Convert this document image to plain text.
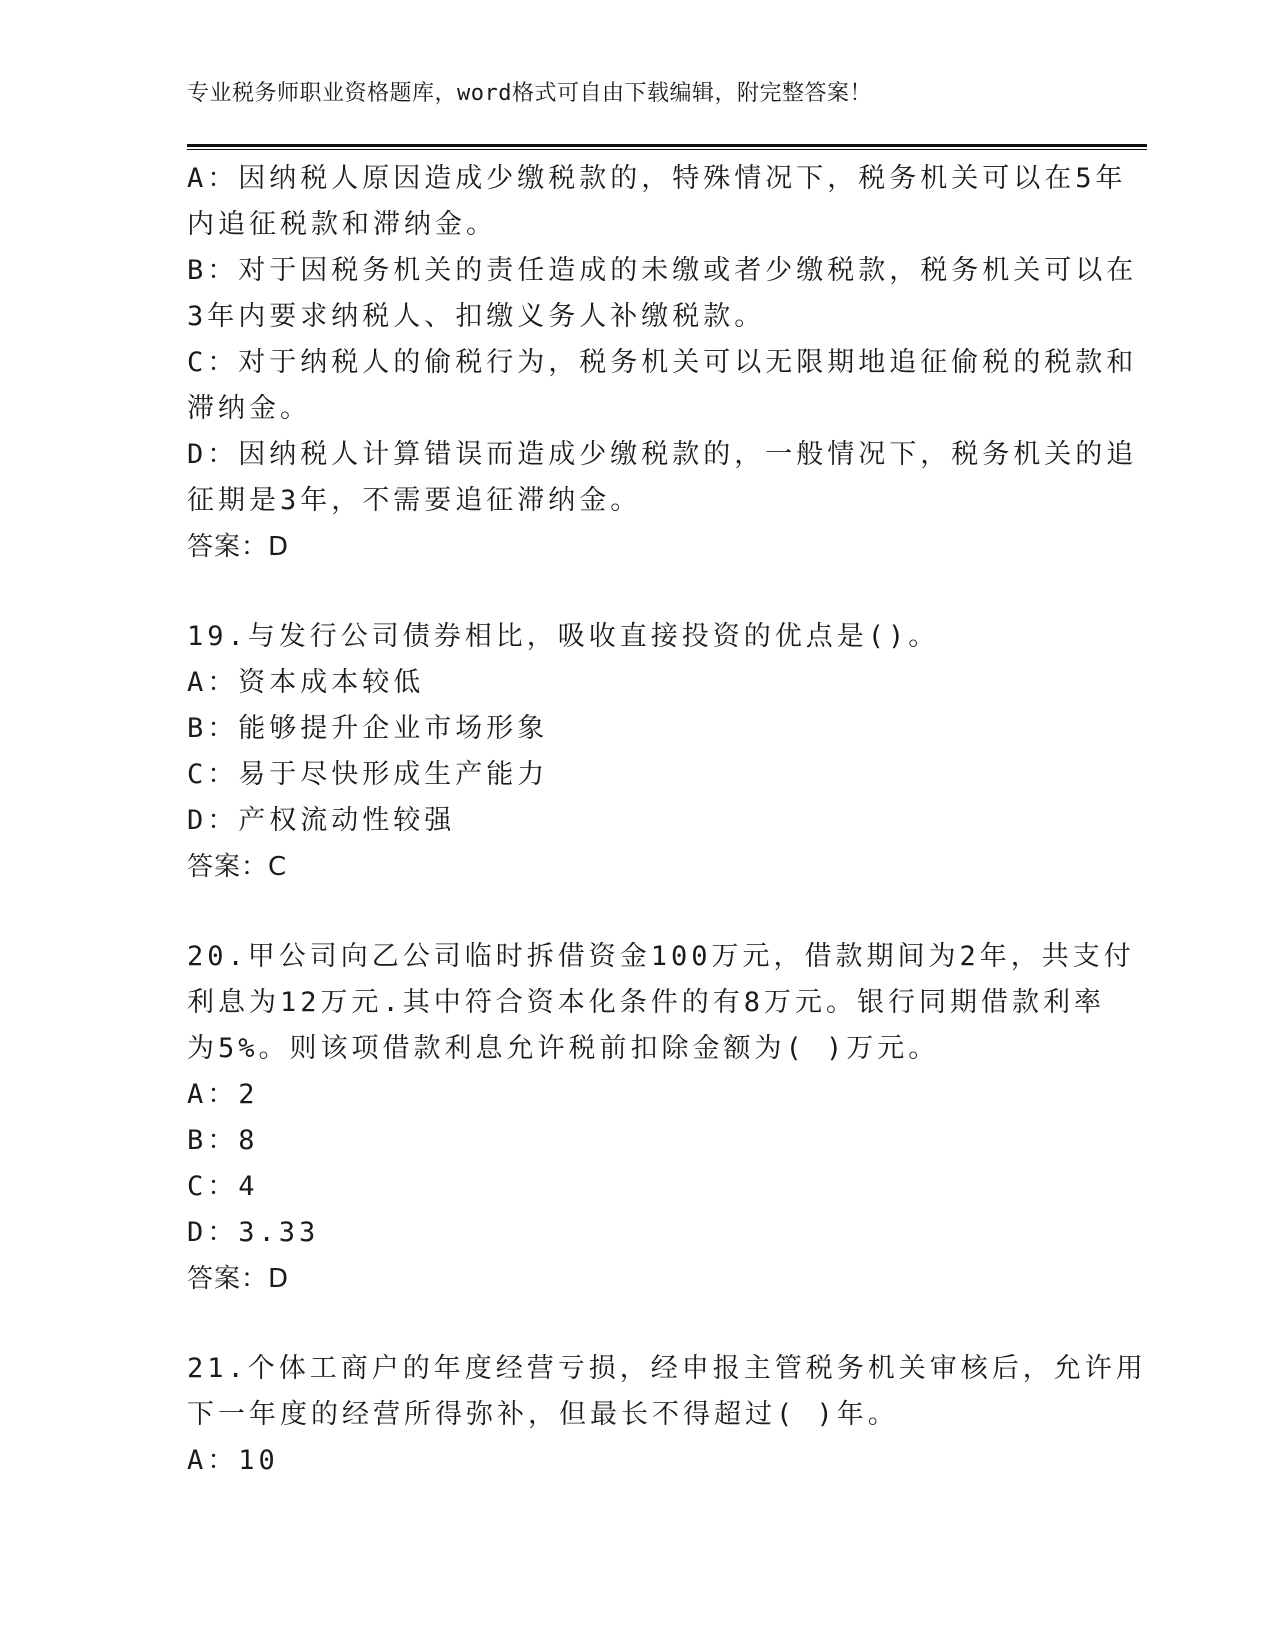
专业税务师职业资格题库，word格式可自由下载编辑，附完整答案！
A：因纳税人原因造成少缴税款的，特殊情况下，税务机关可以在5年
内追征税款和滞纳金。
B：对于因税务机关的责任造成的未缴或者少缴税款，税务机关可以在
3年内要求纳税人、扣缴义务人补缴税款。
C：对于纳税人的偷税行为，税务机关可以无限期地追征偷税的税款和
滞纳金。
D：因纳税人计算错误而造成少缴税款的，一般情况下，税务机关的追
征期是3年，不需要追征滞纳金。
答案：D
19.与发行公司债券相比，吸收直接投资的优点是()。
A：资本成本较低
B：能够提升企业市场形象
C：易于尽快形成生产能力
D：产权流动性较强
答案：C
20.甲公司向乙公司临时拆借资金100万元，借款期间为2年，共支付
利息为12万元.其中符合资本化条件的有8万元。银行同期借款利率
为5%。则该项借款利息允许税前扣除金额为( )万元。
A：2
B：8
C：4
D：3.33
答案：D
21.个体工商户的年度经营亏损，经申报主管税务机关审核后，允许用
下一年度的经营所得弥补，但最长不得超过( )年。
A：10
